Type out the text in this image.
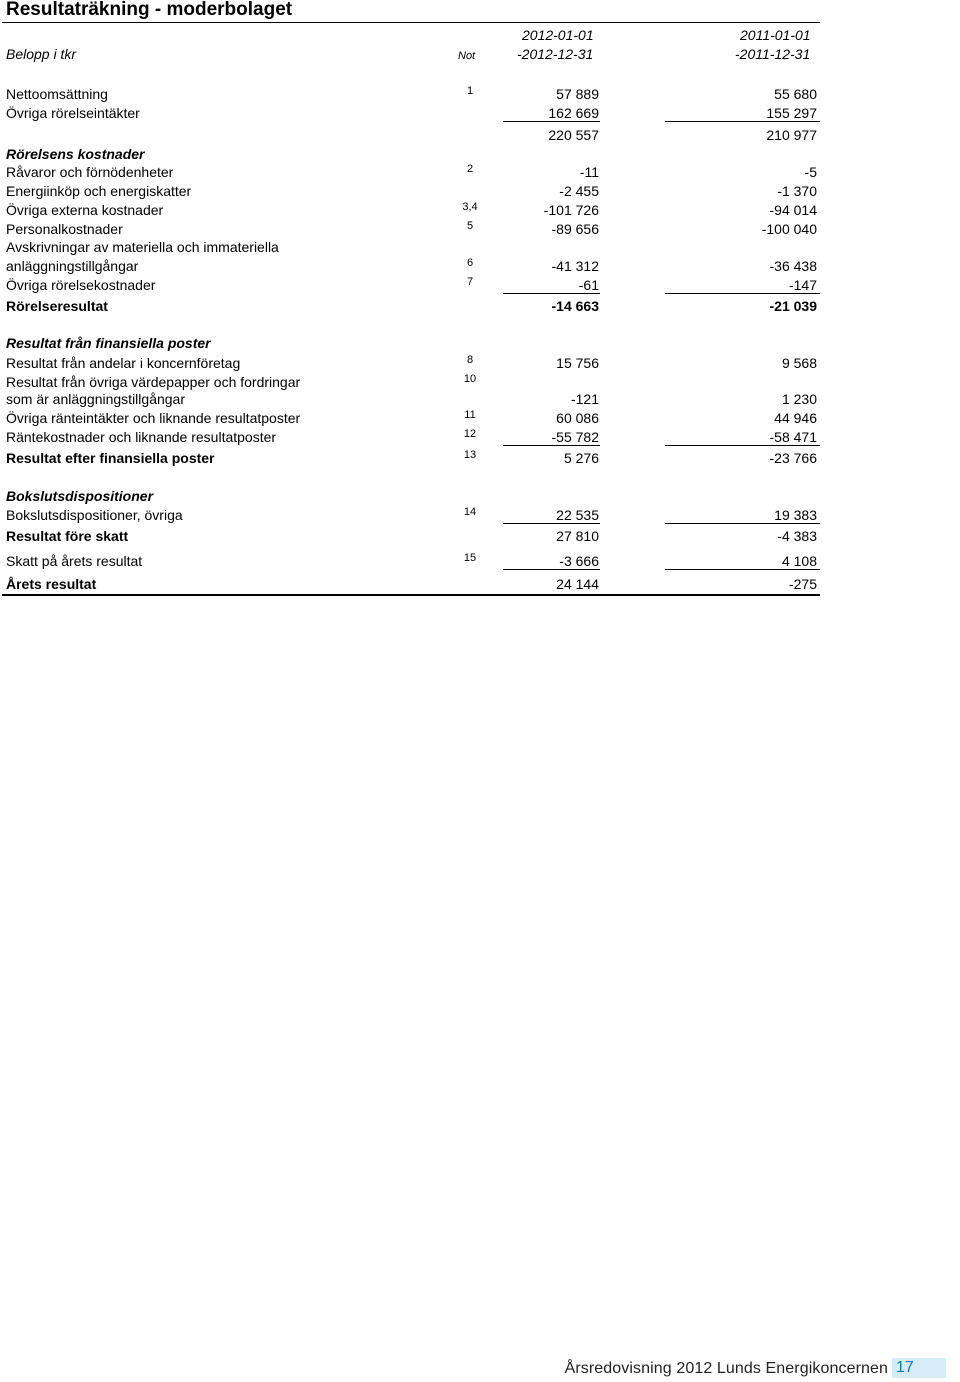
Resultaträkning - moderbolaget
2012-01-01	2011-01-01
Belopp i tkr	Not	-2012-12-31	-2011-12-31
Nettoomsättning	1	57 889	55 680
Övriga rörelseintäkter	162 669	155 297
220 557	210 977
Rörelsens kostnader
Råvaror och förnödenheter	2	-11	-5
Energiinköp och energiskatter	-2 455	-1 370
Övriga externa kostnader	3,4	-101 726	-94 014
Personalkostnader	5	-89 656	-100 040
Avskrivningar av materiella och immateriella
anläggningstillgångar	6	-41 312	-36 438
Övriga rörelsekostnader	7	-61	-147
Rörelseresultat	-14 663	-21 039
Resultat från finansiella poster
Resultat från andelar i koncernföretag	8	15 756	9 568
Resultat från övriga värdepapper och fordringar	10
som är anläggningstillgångar	-121	1 230
Övriga ränteintäkter och liknande resultatposter	11	60 086	44 946
Räntekostnader och liknande resultatposter	12	-55 782	-58 471
Resultat efter finansiella poster	13	5 276	-23 766
Bokslutsdispositioner
Bokslutsdispositioner, övriga	14	22 535	19 383
Resultat före skatt	27 810	-4 383
Skatt på årets resultat	15	-3 666	4 108
Årets resultat	24 144	-275
Årsredovisning 2012 Lunds Energikoncernen 17
